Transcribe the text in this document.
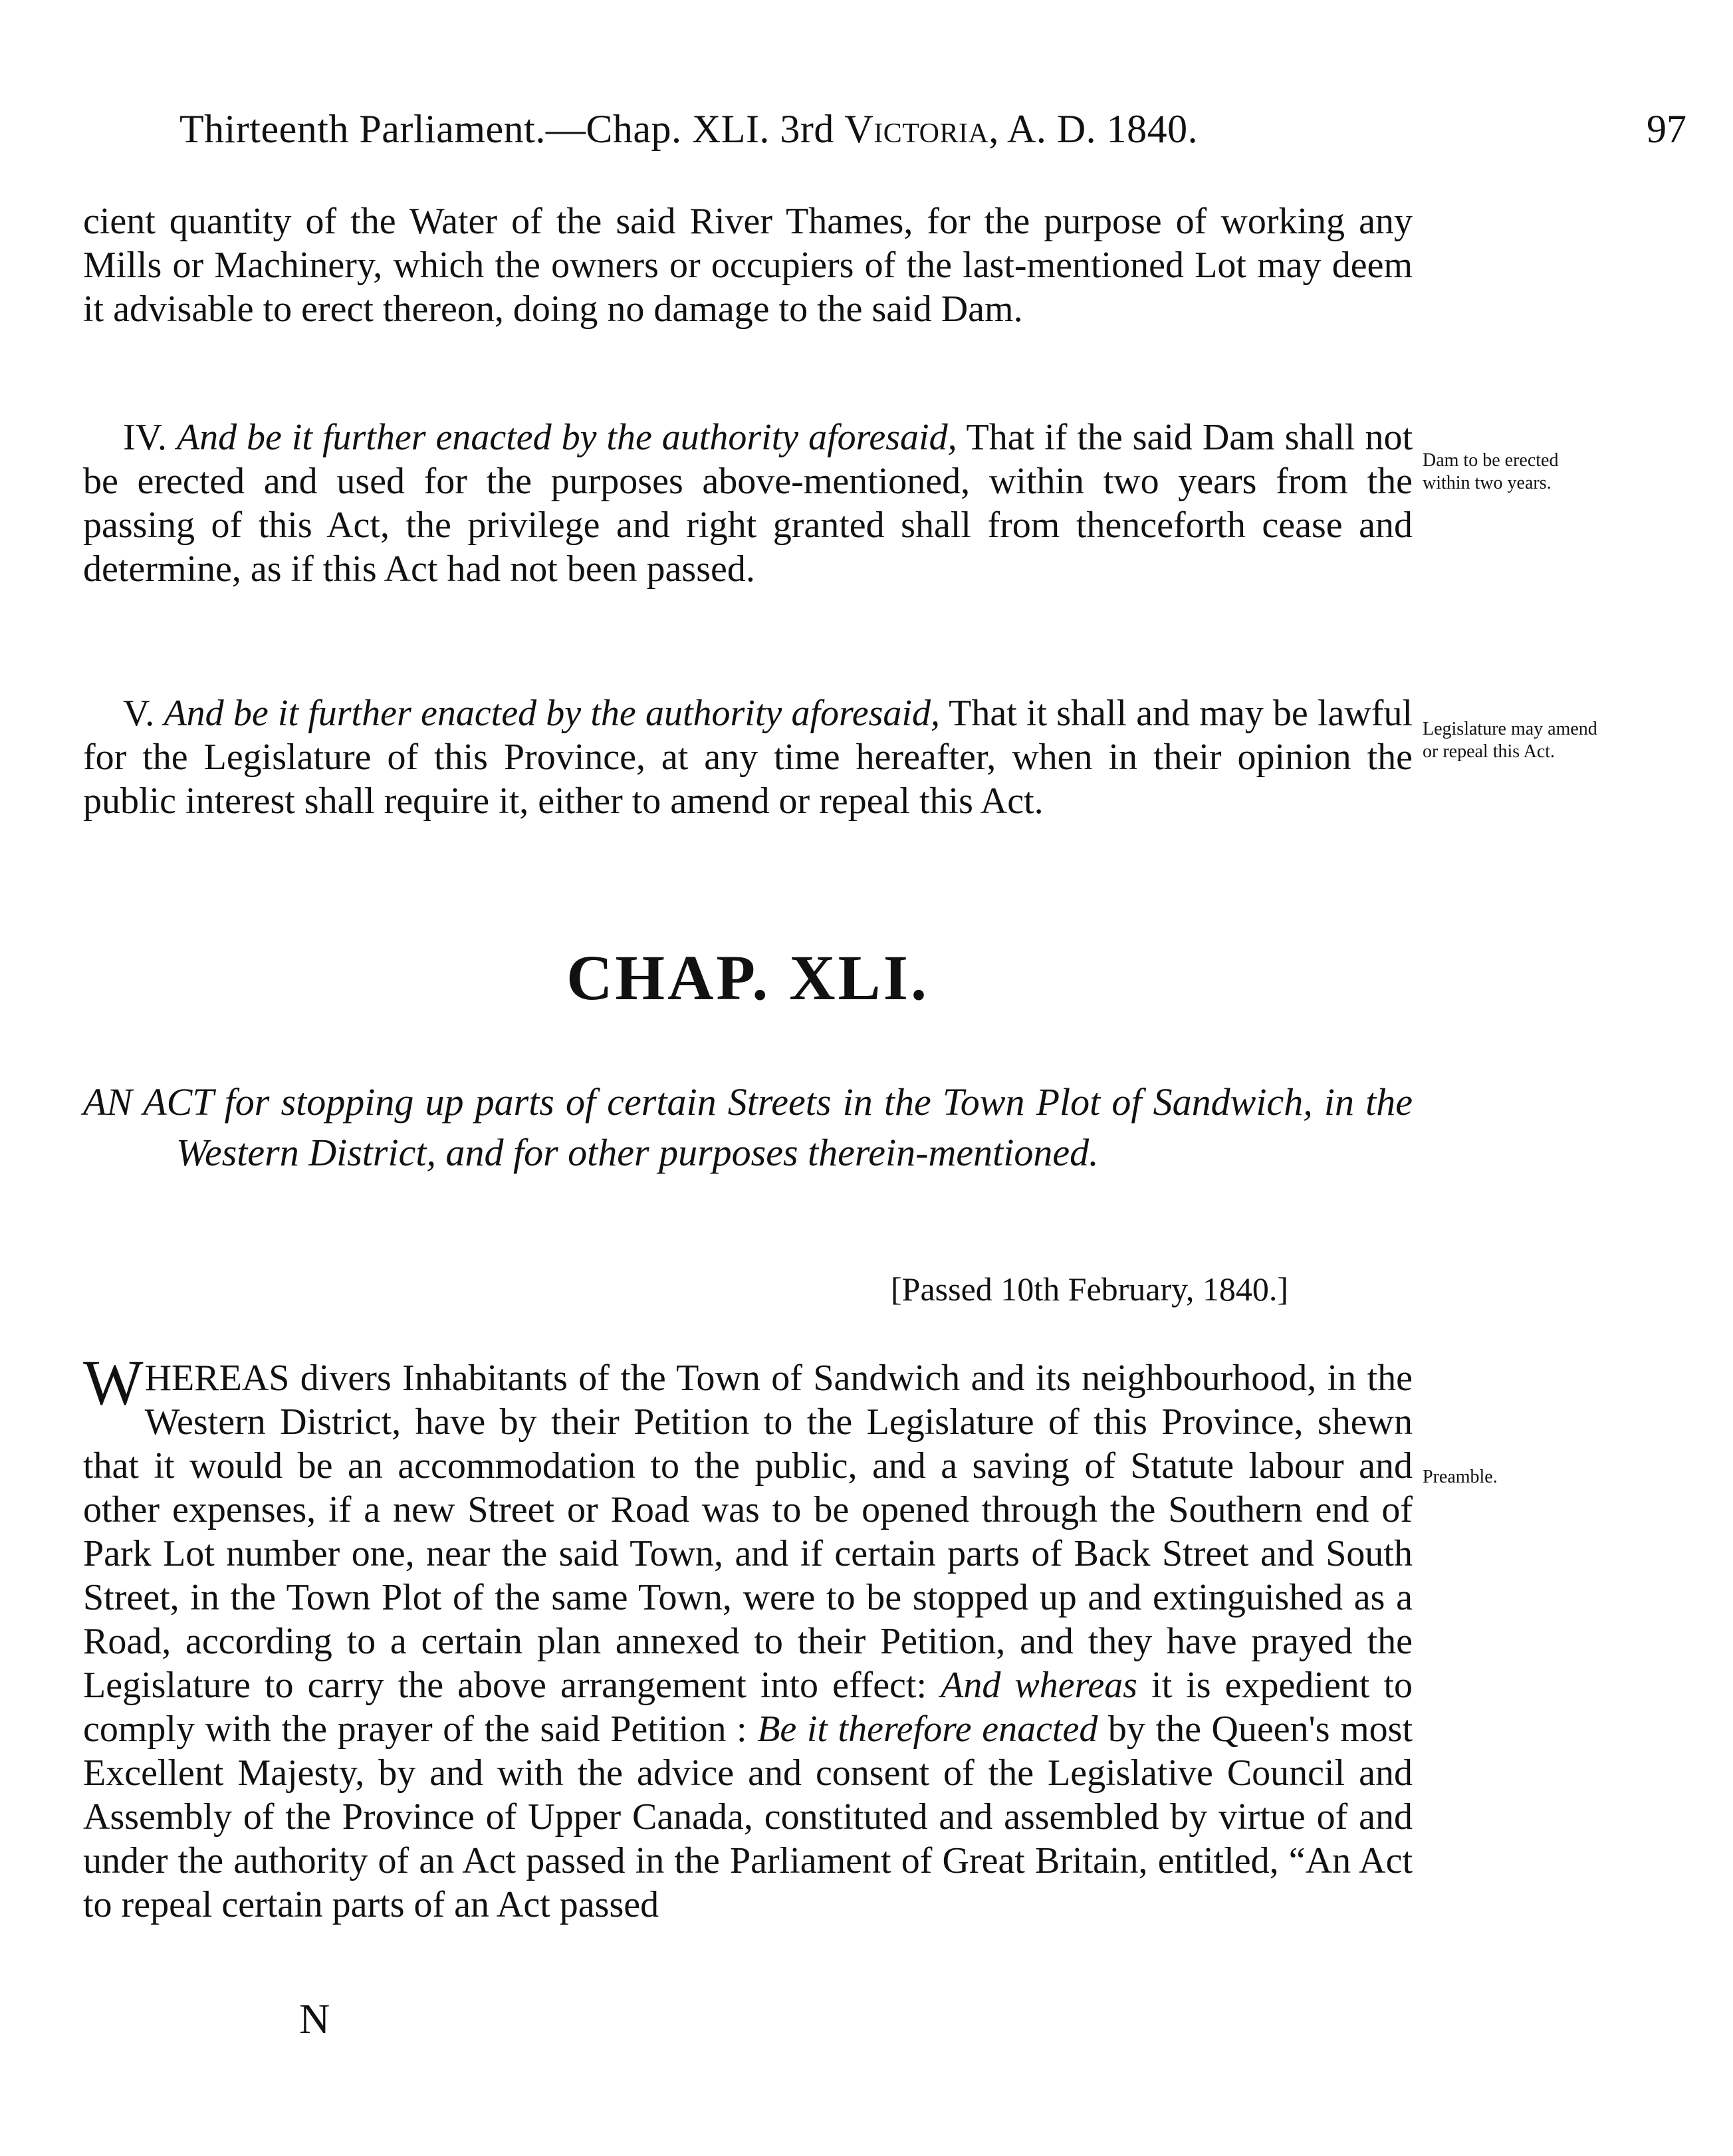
Thirteenth Parliament.—Chap. XLI. 3rd Victoria, A. D. 1840.	97

cient quantity of the Water of the said River Thames, for the purpose of working any Mills or Machinery, which the owners or occupiers of the last-mentioned Lot may deem it advisable to erect thereon, doing no damage to the said Dam.

IV. And be it further enacted by the authority aforesaid, That if the said Dam shall not be erected and used for the purposes above-mentioned, within two years from the passing of this Act, the privilege and right granted shall from thenceforth cease and determine, as if this Act had not been passed.

Dam to be erected
within two years.

V. And be it further enacted by the authority aforesaid, That it shall and may be lawful for the Legislature of this Province, at any time hereafter, when in their opinion the public interest shall require it, either to amend or repeal this Act.

Legislature may amend
or repeal this Act.
CHAP. XLI.
AN ACT for stopping up parts of certain Streets in the Town Plot of Sandwich, in the Western District, and for other purposes therein-mentioned.
[Passed 10th February, 1840.]

WHEREAS divers Inhabitants of the Town of Sandwich and its neighbourhood, in the Western District, have by their Petition to the Legislature of this Province, shewn that it would be an accommodation to the public, and a saving of Statute labour and other expenses, if a new Street or Road was to be opened through the Southern end of Park Lot number one, near the said Town, and if certain parts of Back Street and South Street, in the Town Plot of the same Town, were to be stopped up and extinguished as a Road, according to a certain plan annexed to their Petition, and they have prayed the Legislature to carry the above arrangement into effect: And whereas it is expedient to comply with the prayer of the said Petition : Be it therefore enacted by the Queen's most Excellent Majesty, by and with the advice and consent of the Legislative Council and Assembly of the Province of Upper Canada, constituted and assembled by virtue of and under the authority of an Act passed in the Parliament of Great Britain, entitled, “An Act to repeal certain parts of an Act passed

Preamble.
N
